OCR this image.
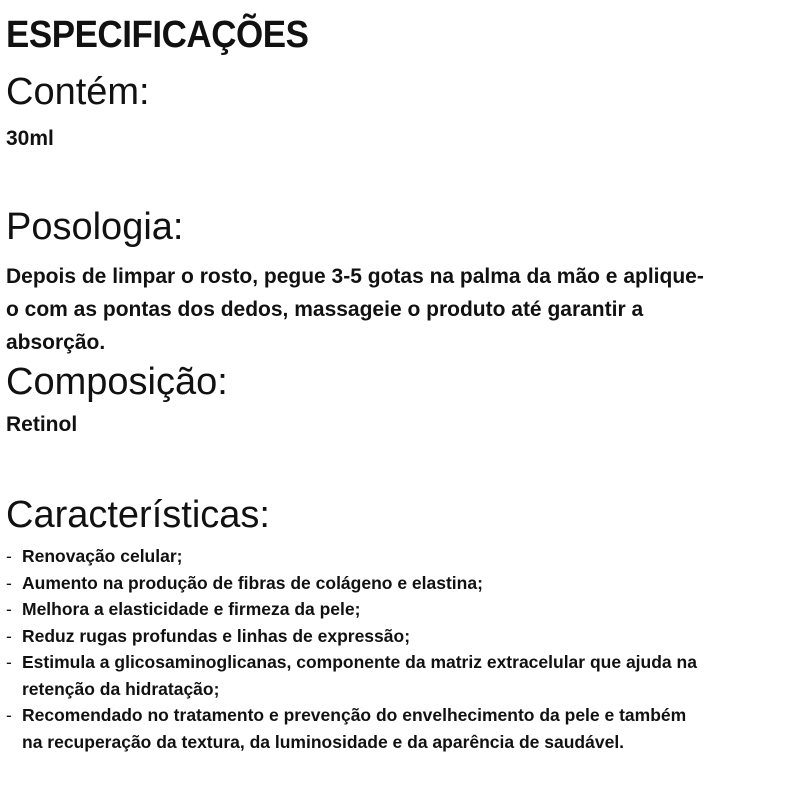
ESPECIFICAÇÕES
Contém:

30ml

Posologia:

Depois de limpar o rosto, pegue 3-5 gotas na palma da mão e aplique-
o com as pontas dos dedos, massageie o produto até garantir a
absorção.

Composição:

Retinol

Características:
- Renovação celular;
- Aumento na produção de fibras de colágeno e elastina;
- Melhora a elasticidade e firmeza da pele;
- Reduz rugas profundas e linhas de expressão;
- Estimula a glicosaminoglicanas, componente da matriz extracelular que ajuda na
retenção da hidratação;
- Recomendado no tratamento e prevenção do envelhecimento da pele e também
na recuperação da textura, da luminosidade e da aparência de saudável.
